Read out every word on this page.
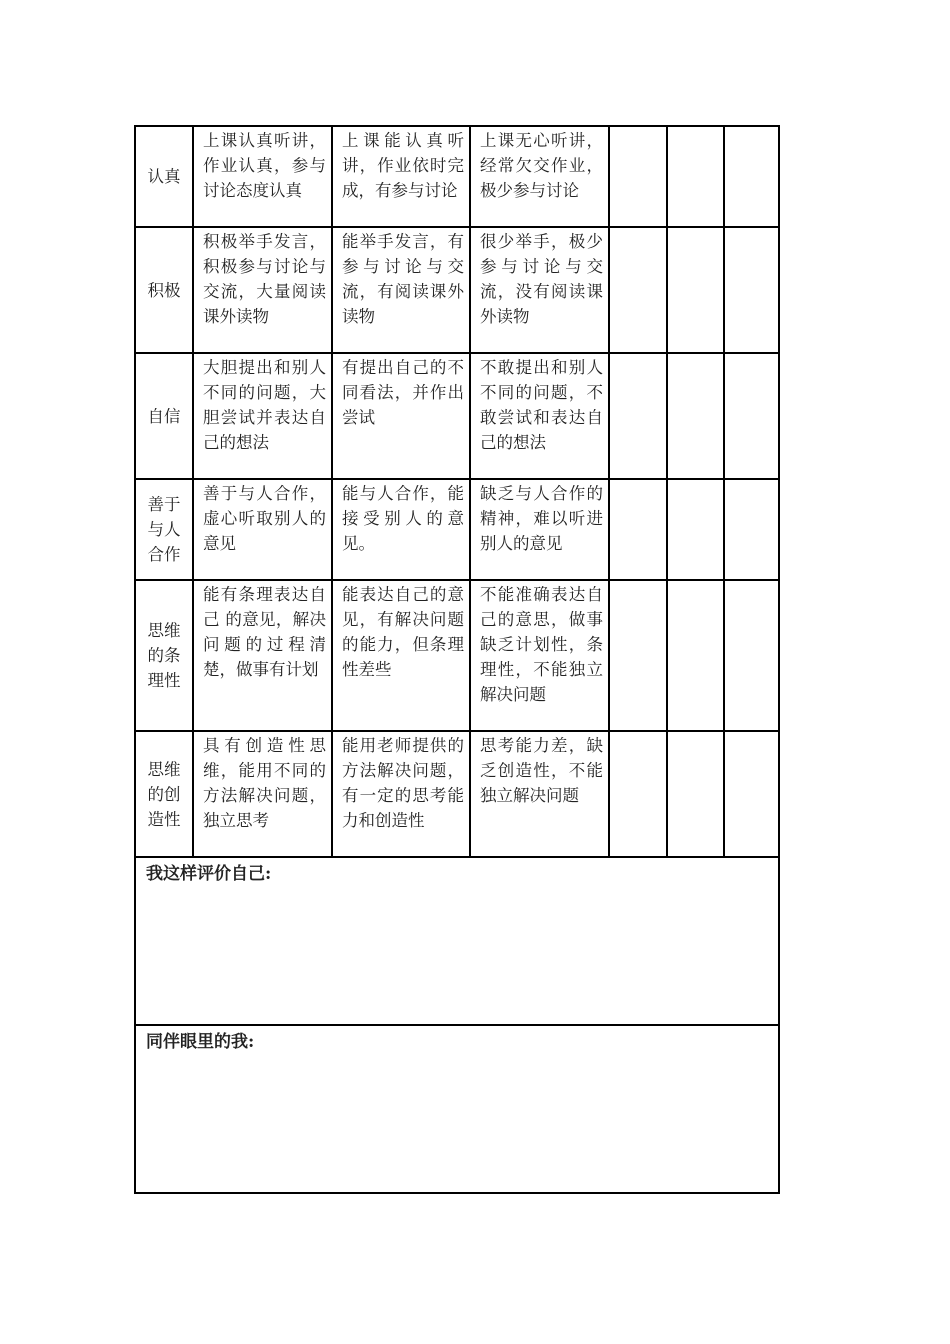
认真	上课认真听讲，作业认真，参与讨论态度认真	上课能认真听讲，作业依时完成，有参与讨论	上课无心听讲，经常欠交作业，极少参与讨论			
积极	积极举手发言，积极参与讨论与交流，大量阅读课外读物	能举手发言，有参与讨论与交流，有阅读课外读物	很少举手，极少参与讨论与交流，没有阅读课外读物			
自信	大胆提出和别人不同的问题，大胆尝试并表达自己的想法	有提出自己的不同看法，并作出尝试	不敢提出和别人不同的问题，不敢尝试和表达自己的想法			
善于与人合作	善于与人合作，虚心听取别人的意见	能与人合作，能接受别人的意见。	缺乏与人合作的精神，难以听进别人的意见			
思维的条理性	能有条理表达自己 的意见，解决问题的过程清楚，做事有计划	能表达自己的意见，有解决问题的能力，但条理性差些	不能准确表达自己的意思，做事缺乏计划性，条理性，不能独立解决问题			
思维的创造性	具有创造性思维，能用不同的方法解决问题，独立思考	能用老师提供的方法解决问题，有一定的思考能力和创造性	思考能力差，缺乏创造性，不能独立解决问题			

我这样评价自己:						

同伴眼里的我:						
